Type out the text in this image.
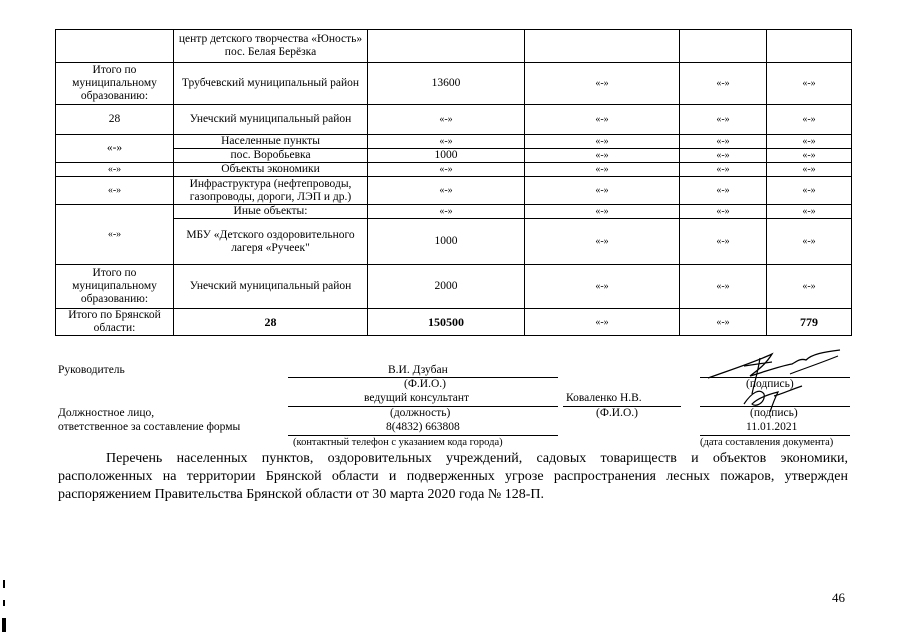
	центр детского творчества «Юность» пос. Белая Берёзка				
Итого по муниципальному образованию:	Трубчевский муниципальный район	13600	«-»	«-»	«-»
28	Унечский муниципальный район	«-»	«-»	«-»	«-»
«-»	Населенные пункты	«-»	«-»	«-»	«-»
	пос. Воробьевка	1000	«-»	«-»	«-»
«-»	Объекты экономики	«-»	«-»	«-»	«-»
«-»	Инфраструктура (нефтепроводы, газопроводы, дороги, ЛЭП и др.)	«-»	«-»	«-»	«-»
«-»	Иные объекты:	«-»	«-»	«-»	«-»
	МБУ «Детского оздоровительного лагеря «Ручеек"	1000	«-»	«-»	«-»
Итого по муниципальному образованию:	Унечский муниципальный район	2000	«-»	«-»	«-»
Итого по Брянской области:	28	150500	«-»	«-»	779
Руководитель	В.И. Дзубан
(Ф.И.О.)	(подпись)
ведущий консультант	Коваленко Н.В.
Должностное лицо,	(должность)	(Ф.И.О.)	(подпись)
ответственное за составление формы	8(4832) 663808	11.01.2021
(контактный телефон с указанием кода города)	(дата составления документа)
Перечень населенных пунктов, оздоровительных учреждений, садовых товариществ и объектов экономики, расположенных на территории Брянской области и подверженных угрозе распространения лесных пожаров, утвержден распоряжением Правительства Брянской области от 30 марта 2020 года № 128-П.
46
